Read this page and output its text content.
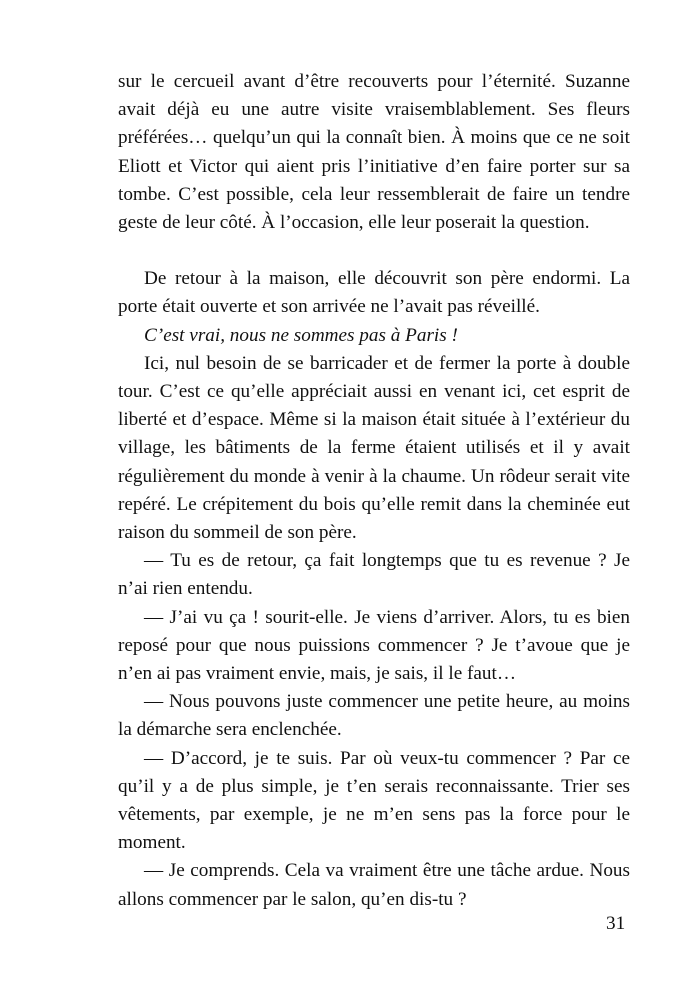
sur le cercueil avant d’être recouverts pour l’éternité. Suzanne avait déjà eu une autre visite vraisemblablement. Ses fleurs préférées… quelqu’un qui la connaît bien. À moins que ce ne soit Eliott et Victor qui aient pris l’initiative d’en faire porter sur sa tombe. C’est possible, cela leur ressemblerait de faire un tendre geste de leur côté. À l’occasion, elle leur poserait la question.

De retour à la maison, elle découvrit son père endormi. La porte était ouverte et son arrivée ne l’avait pas réveillé.

C’est vrai, nous ne sommes pas à Paris !

Ici, nul besoin de se barricader et de fermer la porte à double tour. C’est ce qu’elle appréciait aussi en venant ici, cet esprit de liberté et d’espace. Même si la maison était située à l’extérieur du village, les bâtiments de la ferme étaient utilisés et il y avait régulièrement du monde à venir à la chaume. Un rôdeur serait vite repéré. Le crépitement du bois qu’elle remit dans la cheminée eut raison du sommeil de son père.

— Tu es de retour, ça fait longtemps que tu es revenue ? Je n’ai rien entendu.

— J’ai vu ça ! sourit-elle. Je viens d’arriver. Alors, tu es bien reposé pour que nous puissions commencer ? Je t’avoue que je n’en ai pas vraiment envie, mais, je sais, il le faut…

— Nous pouvons juste commencer une petite heure, au moins la démarche sera enclenchée.

— D’accord, je te suis. Par où veux-tu commencer ? Par ce qu’il y a de plus simple, je t’en serais reconnaissante. Trier ses vêtements, par exemple, je ne m’en sens pas la force pour le moment.

— Je comprends. Cela va vraiment être une tâche ardue. Nous allons commencer par le salon, qu’en dis-tu ?

31
